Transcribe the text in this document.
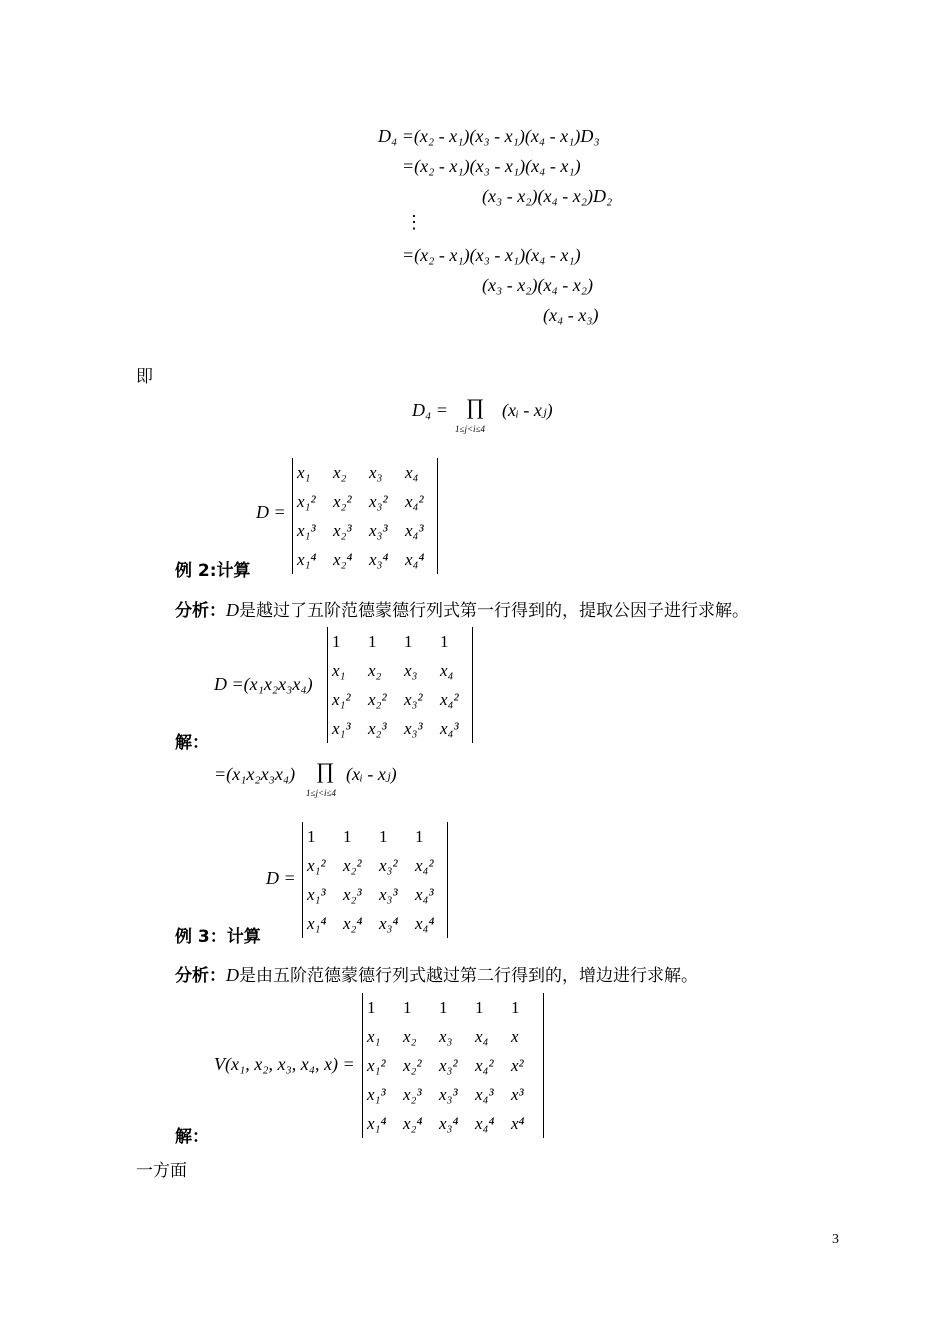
D₄ =(x₂ - x₁)(x₃ - x₁)(x₄ - x₁)D₃
=(x₂ - x₁)(x₃ - x₁)(x₄ - x₁)
(x₃ - x₂)(x₄ - x₂)D₂
⋮
=(x₂ - x₁)(x₃ - x₁)(x₄ - x₁)
(x₃ - x₂)(x₄ - x₂)
(x₄ - x₃)
即
D₄ = ∏
1≤j<i≤4
(xᵢ - xⱼ)
D =
x₁	x₂	x₃	x₄
x₁²	x₂²	x₃²	x₄²
x₁³	x₂³	x₃³	x₄³
x₁⁴	x₂⁴	x₃⁴	x₄⁴
例 2:计算
分析：D是越过了五阶范德蒙德行列式第一行得到的，提取公因子进行求解。
D =(x₁x₂x₃x₄)
1	1	1	1
x₁	x₂	x₃	x₄
x₁²	x₂²	x₃²	x₄²
x₁³	x₂³	x₃³	x₄³
解：
=(x₁x₂x₃x₄) ∏
1≤j<i≤4
(xᵢ - xⱼ)
D =
1	1	1	1
x₁²	x₂²	x₃²	x₄²
x₁³	x₂³	x₃³	x₄³
x₁⁴	x₂⁴	x₃⁴	x₄⁴
例 3：计算
分析：D是由五阶范德蒙德行列式越过第二行得到的，增边进行求解。
V(x₁, x₂, x₃, x₄, x) =
1	1	1	1	1
x₁	x₂	x₃	x₄	x
x₁²	x₂²	x₃²	x₄²	x²
x₁³	x₂³	x₃³	x₄³	x³
x₁⁴	x₂⁴	x₃⁴	x₄⁴	x⁴
解：
一方面
3
